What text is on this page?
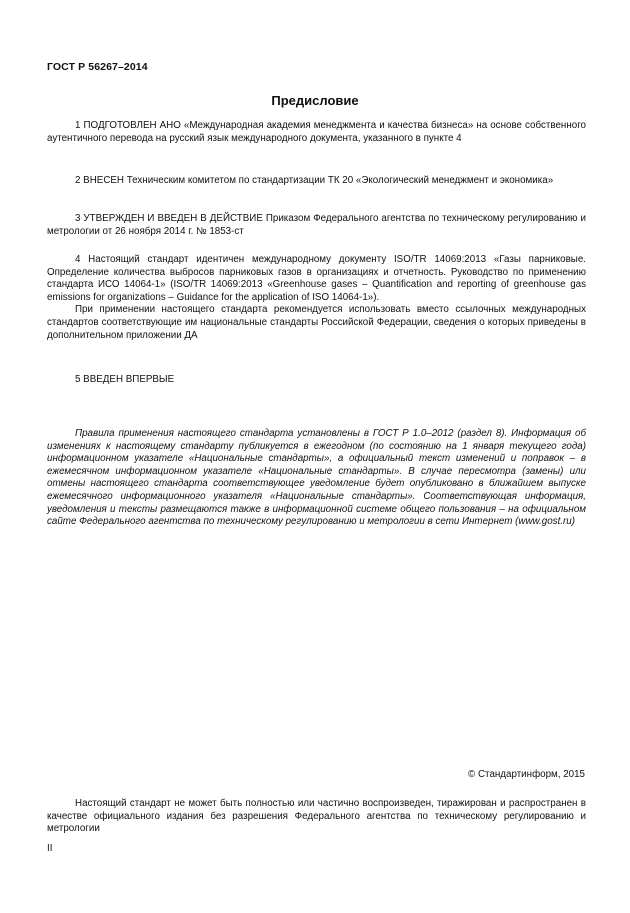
ГОСТ Р 56267–2014
Предисловие

1 ПОДГОТОВЛЕН АНО «Международная академия менеджмента и качества бизнеса» на основе собственного аутентичного перевода на русский язык международного документа, указанного в пункте 4

2 ВНЕСЕН Техническим комитетом по стандартизации ТК 20 «Экологический менеджмент и экономика»

3 УТВЕРЖДЕН И ВВЕДЕН В ДЕЙСТВИЕ Приказом Федерального агентства по техническому регулированию и метрологии от 26 ноября 2014 г. № 1853-ст

4 Настоящий стандарт идентичен международному документу ISO/TR 14069:2013 «Газы парниковые. Определение количества выбросов парниковых газов в организациях и отчетность. Руководство по применению стандарта ИСО 14064-1» (ISO/TR 14069:2013 «Greenhouse gases – Quantification and reporting of greenhouse gas emissions for organizations – Guidance for the application of ISO 14064-1»).

При применении настоящего стандарта рекомендуется использовать вместо ссылочных международных стандартов соответствующие им национальные стандарты Российской Федерации, сведения о которых приведены в дополнительном приложении ДА

5 ВВЕДЕН ВПЕРВЫЕ

Правила применения настоящего стандарта установлены в ГОСТ Р 1.0–2012 (раздел 8). Информация об изменениях к настоящему стандарту публикуется в ежегодном (по состоянию на 1 января текущего года) информационном указателе «Национальные стандарты», а официальный текст изменений и поправок – в ежемесячном информационном указателе «Национальные стандарты». В случае пересмотра (замены) или отмены настоящего стандарта соответствующее уведомление будет опубликовано в ближайшем выпуске ежемесячного информационного указателя «Национальные стандарты». Соответствующая информация, уведомления и тексты размещаются также в информационной системе общего пользования – на официальном сайте Федерального агентства по техническому регулированию и метрологии в сети Интернет (www.gost.ru)

© Стандартинформ, 2015

Настоящий стандарт не может быть полностью или частично воспроизведен, тиражирован и распространен в качестве официального издания без разрешения Федерального агентства по техническому регулированию и метрологии

II
